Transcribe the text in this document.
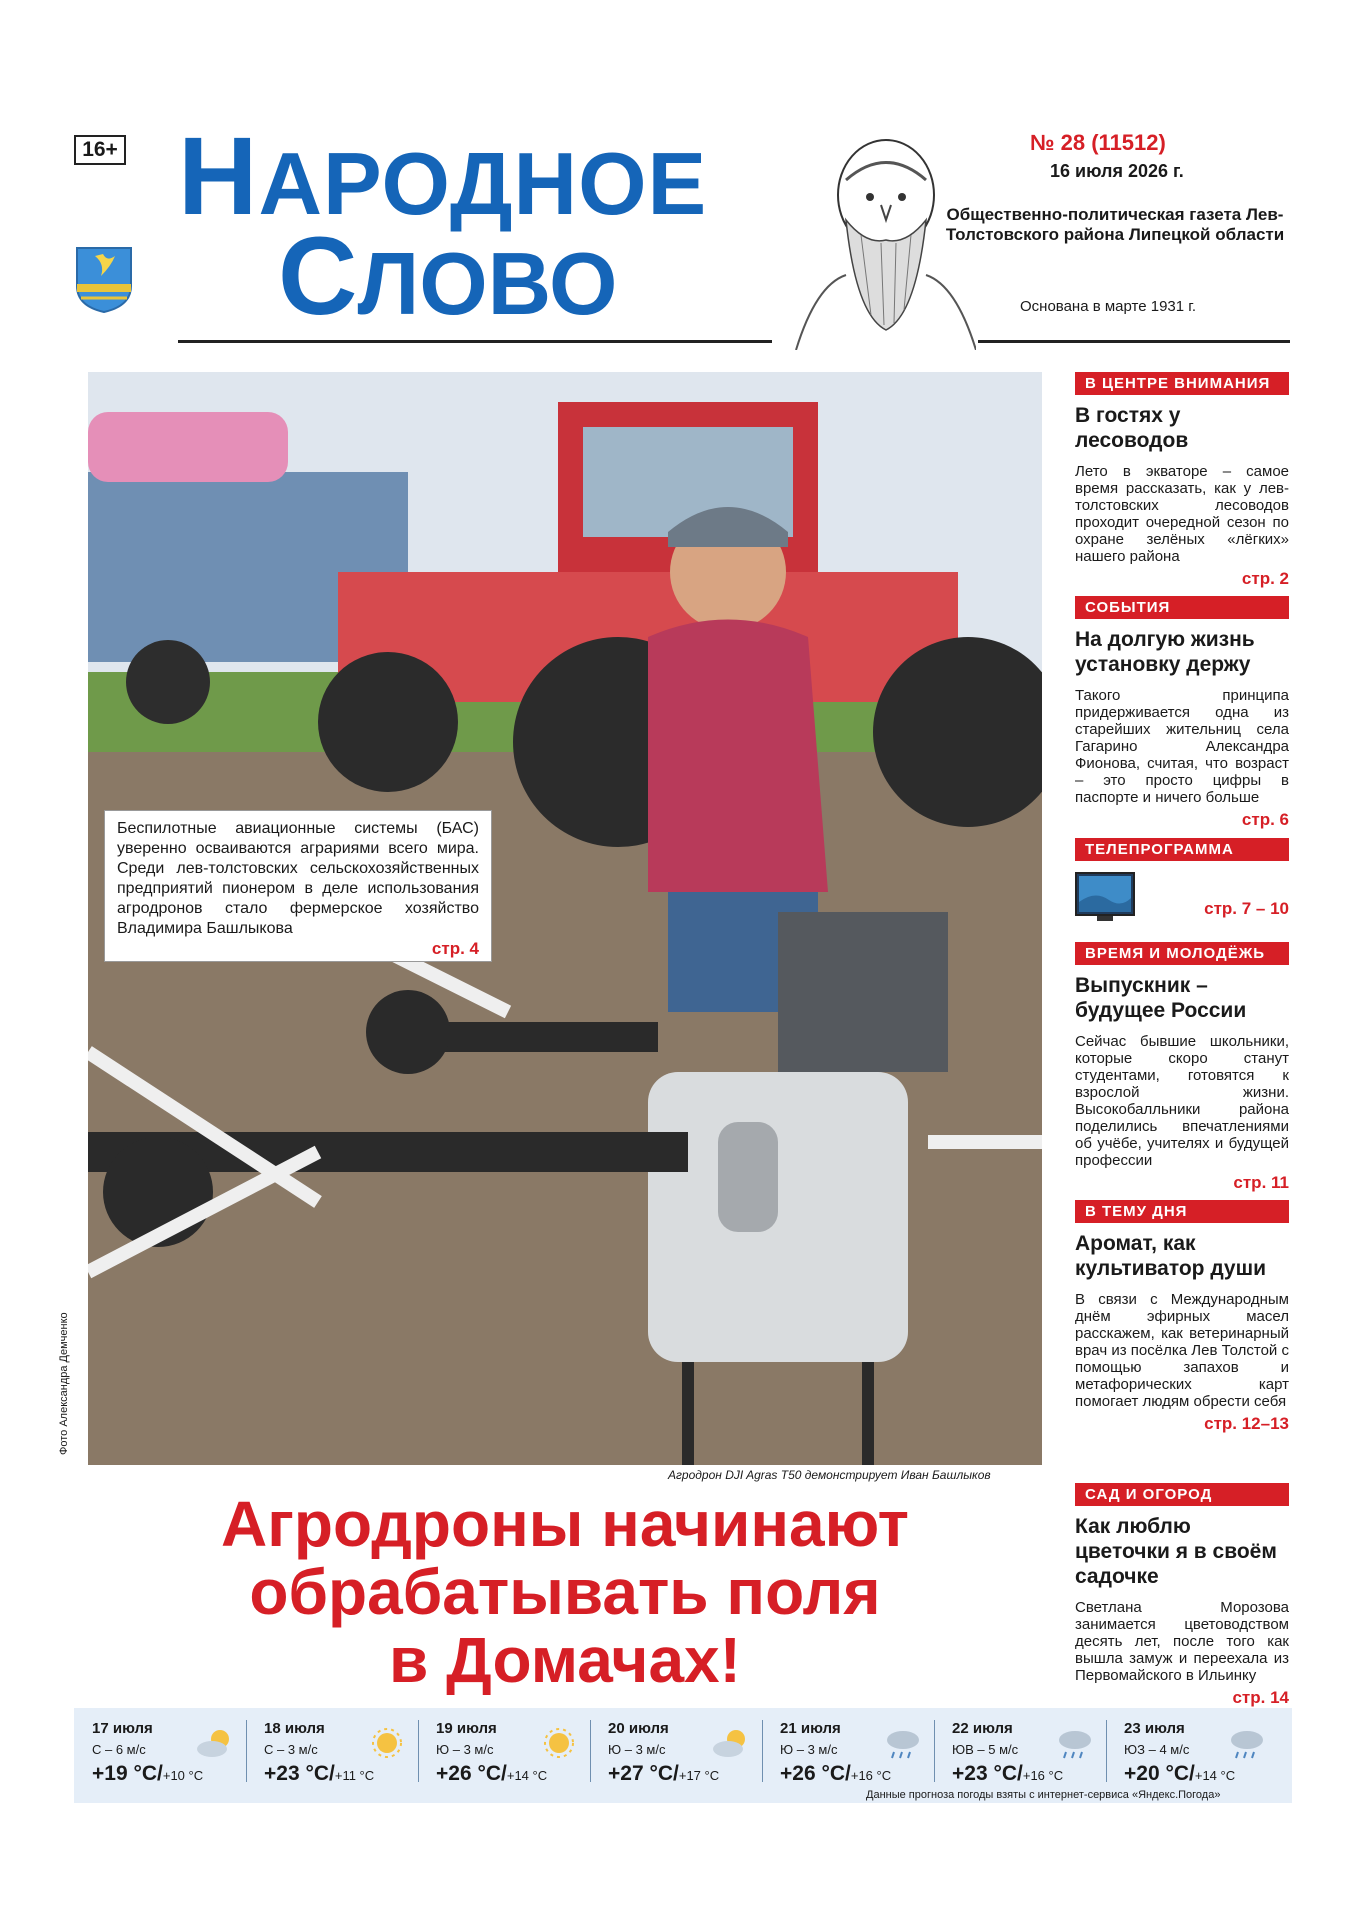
16+ НАРОДНОЕ
СЛОВО
№ 28 (11512)
16 июля 2026 г.
Общественно-политическая газета Лев-Толстовского района Липецкой области
Основана в марте 1931 г.
Беспилотные авиационные системы (БАС) уверенно осваиваются аграриями всего мира. Среди лев-толстовских сельскохозяйственных предприятий пионером в деле использования агродронов стало фермерское хозяйство Владимира Башлыкова
стр. 4
Фото Александра Демченко
Агродрон DJI Agras T50 демонстрирует Иван Башлыков
Агродроны начинают
обрабатывать поля
в Домачах!
В ЦЕНТРЕ ВНИМАНИЯ
В гостях у лесоводов
Лето в экваторе – самое время рассказать, как у лев-толстовских лесоводов проходит очередной сезон по охране зелёных «лёгких» нашего района
стр. 2
СОБЫТИЯ
На долгую жизнь установку держу
Такого принципа придерживается одна из старейших жительниц села Гагарино Александра Фионова, считая, что возраст – это просто цифры в паспорте и ничего больше
стр. 6
ТЕЛЕПРОГРАММА
стр. 7 – 10
ВРЕМЯ И МОЛОДЁЖЬ
Выпускник – будущее России
Сейчас бывшие школьники, которые скоро станут студентами, готовятся к взрослой жизни. Высокобалльники района поделились впечатлениями об учёбе, учителях и будущей профессии
стр. 11
В ТЕМУ ДНЯ
Аромат, как культиватор души
В связи с Международным днём эфирных масел расскажем, как ветеринарный врач из посёлка Лев Толстой с помощью запахов и метафорических карт помогает людям обрести себя
стр. 12–13
САД И ОГОРОД
Как люблю цветочки я в своём садочке
Светлана Морозова занимается цветоводством десять лет, после того как вышла замуж и переехала из Первомайского в Ильинку
стр. 14
17 июля
С – 6 м/с
+19 °C/+10 °C
18 июля
С – 3 м/с
+23 °C/+11 °C
19 июля
Ю – 3 м/с
+26 °C/+14 °C
20 июля
Ю – 3 м/с
+27 °C/+17 °C
21 июля
Ю – 3 м/с
+26 °C/+16 °C
22 июля
ЮВ – 5 м/с
+23 °C/+16 °C
23 июля
ЮЗ – 4 м/с
+20 °C/+14 °C
Данные прогноза погоды взяты с интернет-сервиса «Яндекс.Погода»
